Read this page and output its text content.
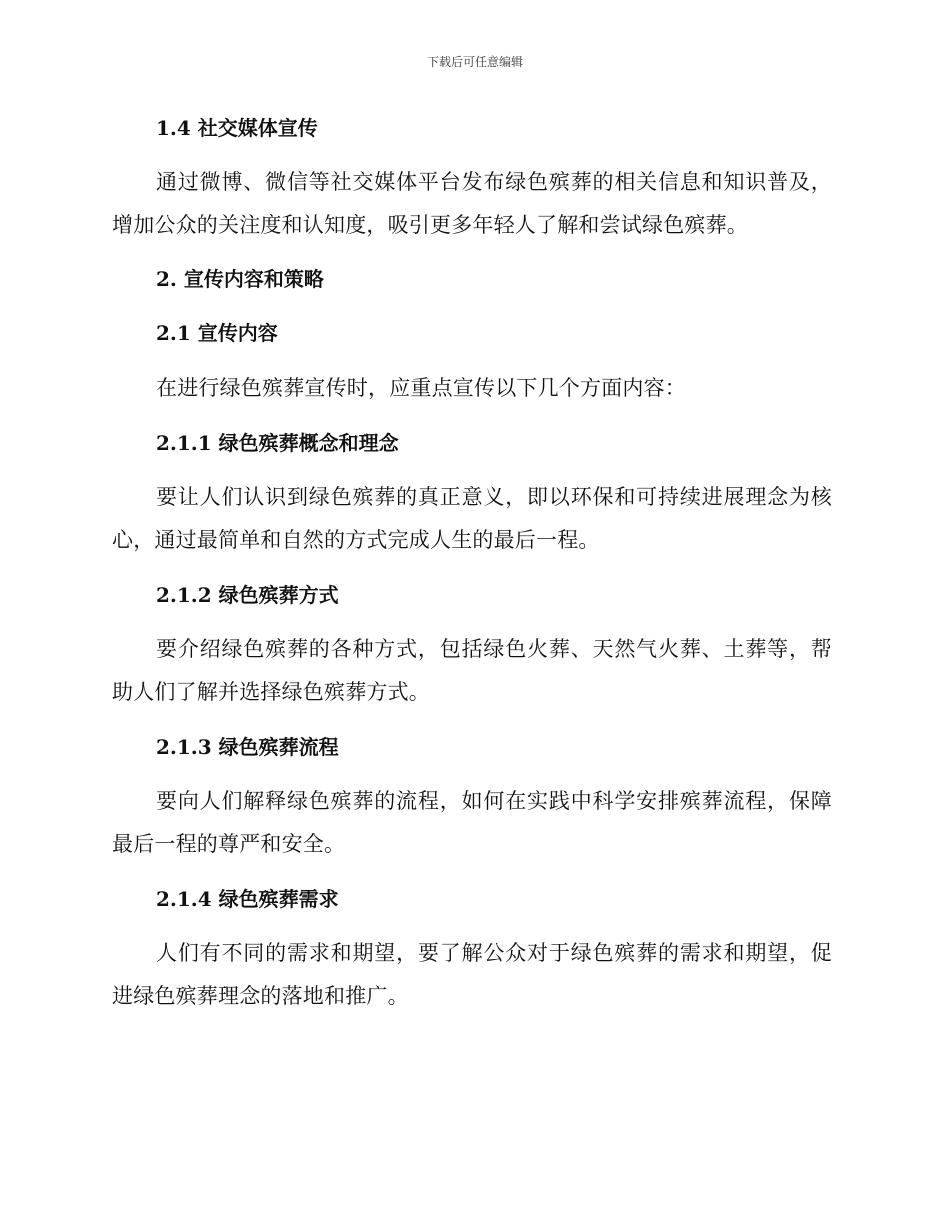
下载后可任意编辑
1.4 社交媒体宣传
通过微博、微信等社交媒体平台发布绿色殡葬的相关信息和知识普及，
增加公众的关注度和认知度，吸引更多年轻人了解和尝试绿色殡葬。
2. 宣传内容和策略
2.1 宣传内容
在进行绿色殡葬宣传时，应重点宣传以下几个方面内容：
2.1.1 绿色殡葬概念和理念
要让人们认识到绿色殡葬的真正意义，即以环保和可持续进展理念为核
心，通过最简单和自然的方式完成人生的最后一程。
2.1.2 绿色殡葬方式
要介绍绿色殡葬的各种方式，包括绿色火葬、天然气火葬、土葬等，帮
助人们了解并选择绿色殡葬方式。
2.1.3 绿色殡葬流程
要向人们解释绿色殡葬的流程，如何在实践中科学安排殡葬流程，保障
最后一程的尊严和安全。
2.1.4 绿色殡葬需求
人们有不同的需求和期望，要了解公众对于绿色殡葬的需求和期望，促
进绿色殡葬理念的落地和推广。
